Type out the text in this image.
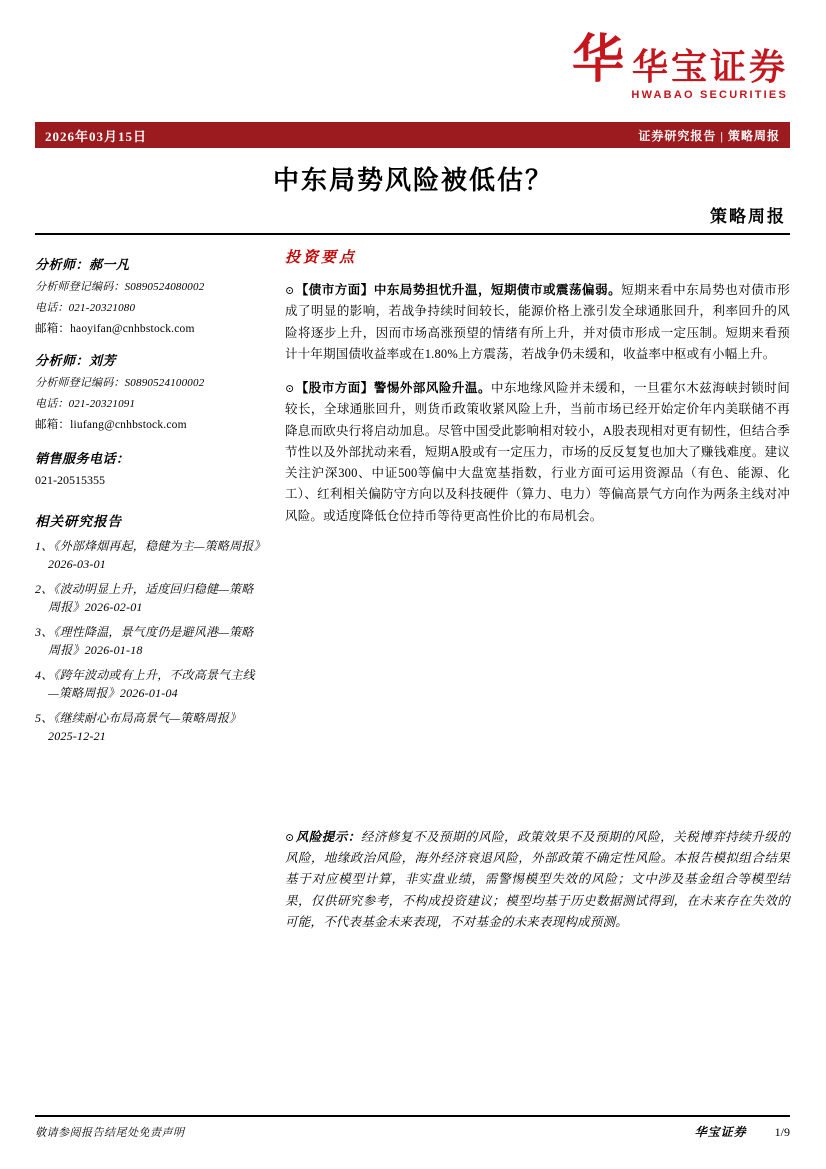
华 华宝证券
HWABAO SECURITIES
2026年03月15日	证券研究报告 | 策略周报
中东局势风险被低估？
策略周报
分析师：郝一凡
分析师登记编码：S0890524080002
电话：021-20321080
邮箱：haoyifan@cnhbstock.com
分析师：刘芳
分析师登记编码：S0890524100002
电话：021-20321091
邮箱：liufang@cnhbstock.com
销售服务电话：
021-20515355
相关研究报告
1、《外部烽烟再起，稳健为主—策略周报》2026-03-01
2、《波动明显上升，适度回归稳健—策略周报》2026-02-01
3、《理性降温，景气度仍是避风港—策略周报》2026-01-18
4、《跨年波动或有上升，不改高景气主线—策略周报》2026-01-04
5、《继续耐心布局高景气—策略周报》2025-12-21
投资要点

⊙【债市方面】中东局势担忧升温，短期债市或震荡偏弱。短期来看中东局势也对债市形成了明显的影响，若战争持续时间较长，能源价格上涨引发全球通胀回升，利率回升的风险将逐步上升，因而市场高涨预望的情绪有所上升，并对债市形成一定压制。短期来看预计十年期国债收益率或在1.80%上方震荡，若战争仍未缓和，收益率中枢或有小幅上升。

⊙【股市方面】警惕外部风险升温。中东地缘风险并未缓和，一旦霍尔木兹海峡封锁时间较长，全球通胀回升，则货币政策收紧风险上升，当前市场已经开始定价年内美联储不再降息而欧央行将启动加息。尽管中国受此影响相对较小，A股表现相对更有韧性，但结合季节性以及外部扰动来看，短期A股或有一定压力，市场的反反复复也加大了赚钱难度。建议关注沪深300、中证500等偏中大盘宽基指数，行业方面可运用资源品（有色、能源、化工）、红利相关偏防守方向以及科技硬件（算力、电力）等偏高景气方向作为两条主线对冲风险。或适度降低仓位持币等待更高性价比的布局机会。

⊙风险提示：经济修复不及预期的风险，政策效果不及预期的风险，关税博弈持续升级的风险，地缘政治风险，海外经济衰退风险，外部政策不确定性风险。本报告模拟组合结果基于对应模型计算，非实盘业绩，需警惕模型失效的风险；文中涉及基金组合等模型结果，仅供研究参考，不构成投资建议；模型均基于历史数据测试得到，在未来存在失效的可能，不代表基金未来表现，不对基金的未来表现构成预测。

敬请参阅报告结尾处免责声明	华宝证券 1/9
